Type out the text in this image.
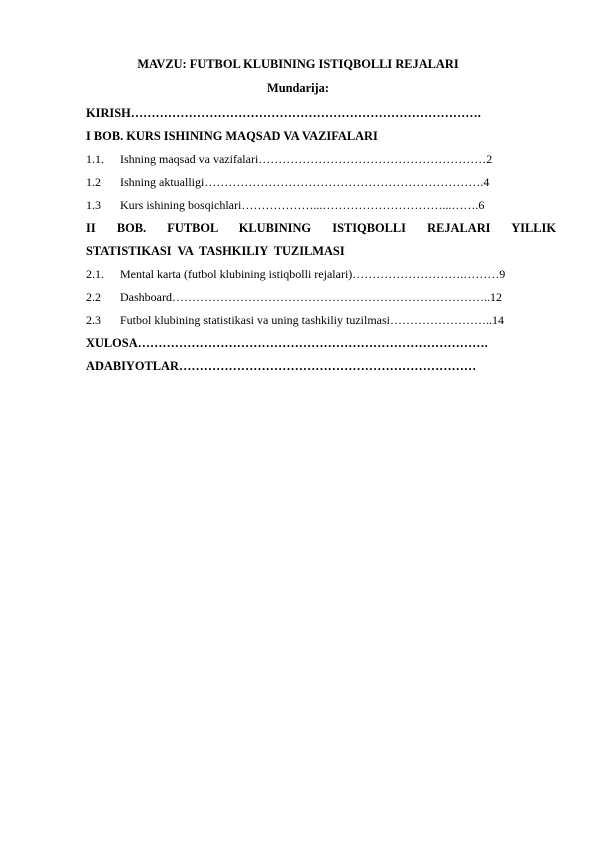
MAVZU: FUTBOL KLUBINING ISTIQBOLLI REJALARI
Mundarija:
KIRISH………………………………………………………………………….
I BOB. KURS ISHINING MAQSAD VA VAZIFALARI
1.1. Ishning maqsad va vazifalari…………………………………………………2
1.2 Ishning aktualligi…………………………………………………………….4
1.3 Kurs ishining bosqichlari………………...…………………………...…….6
II BOB. FUTBOL KLUBINING ISTIQBOLLI REJALARI YILLIK STATISTIKASI VA TASHKILIY TUZILMASI
2.1. Mental karta (futbol klubining istiqbolli rejalari)……………………….………9
2.2 Dashboard……………………………………………………………………..12
2.3 Futbol klubining statistikasi va uning tashkiliy tuzilmasi……………………..14
XULOSA………………………………………………………………………….
ADABIYOTLAR………………………………………………………………
